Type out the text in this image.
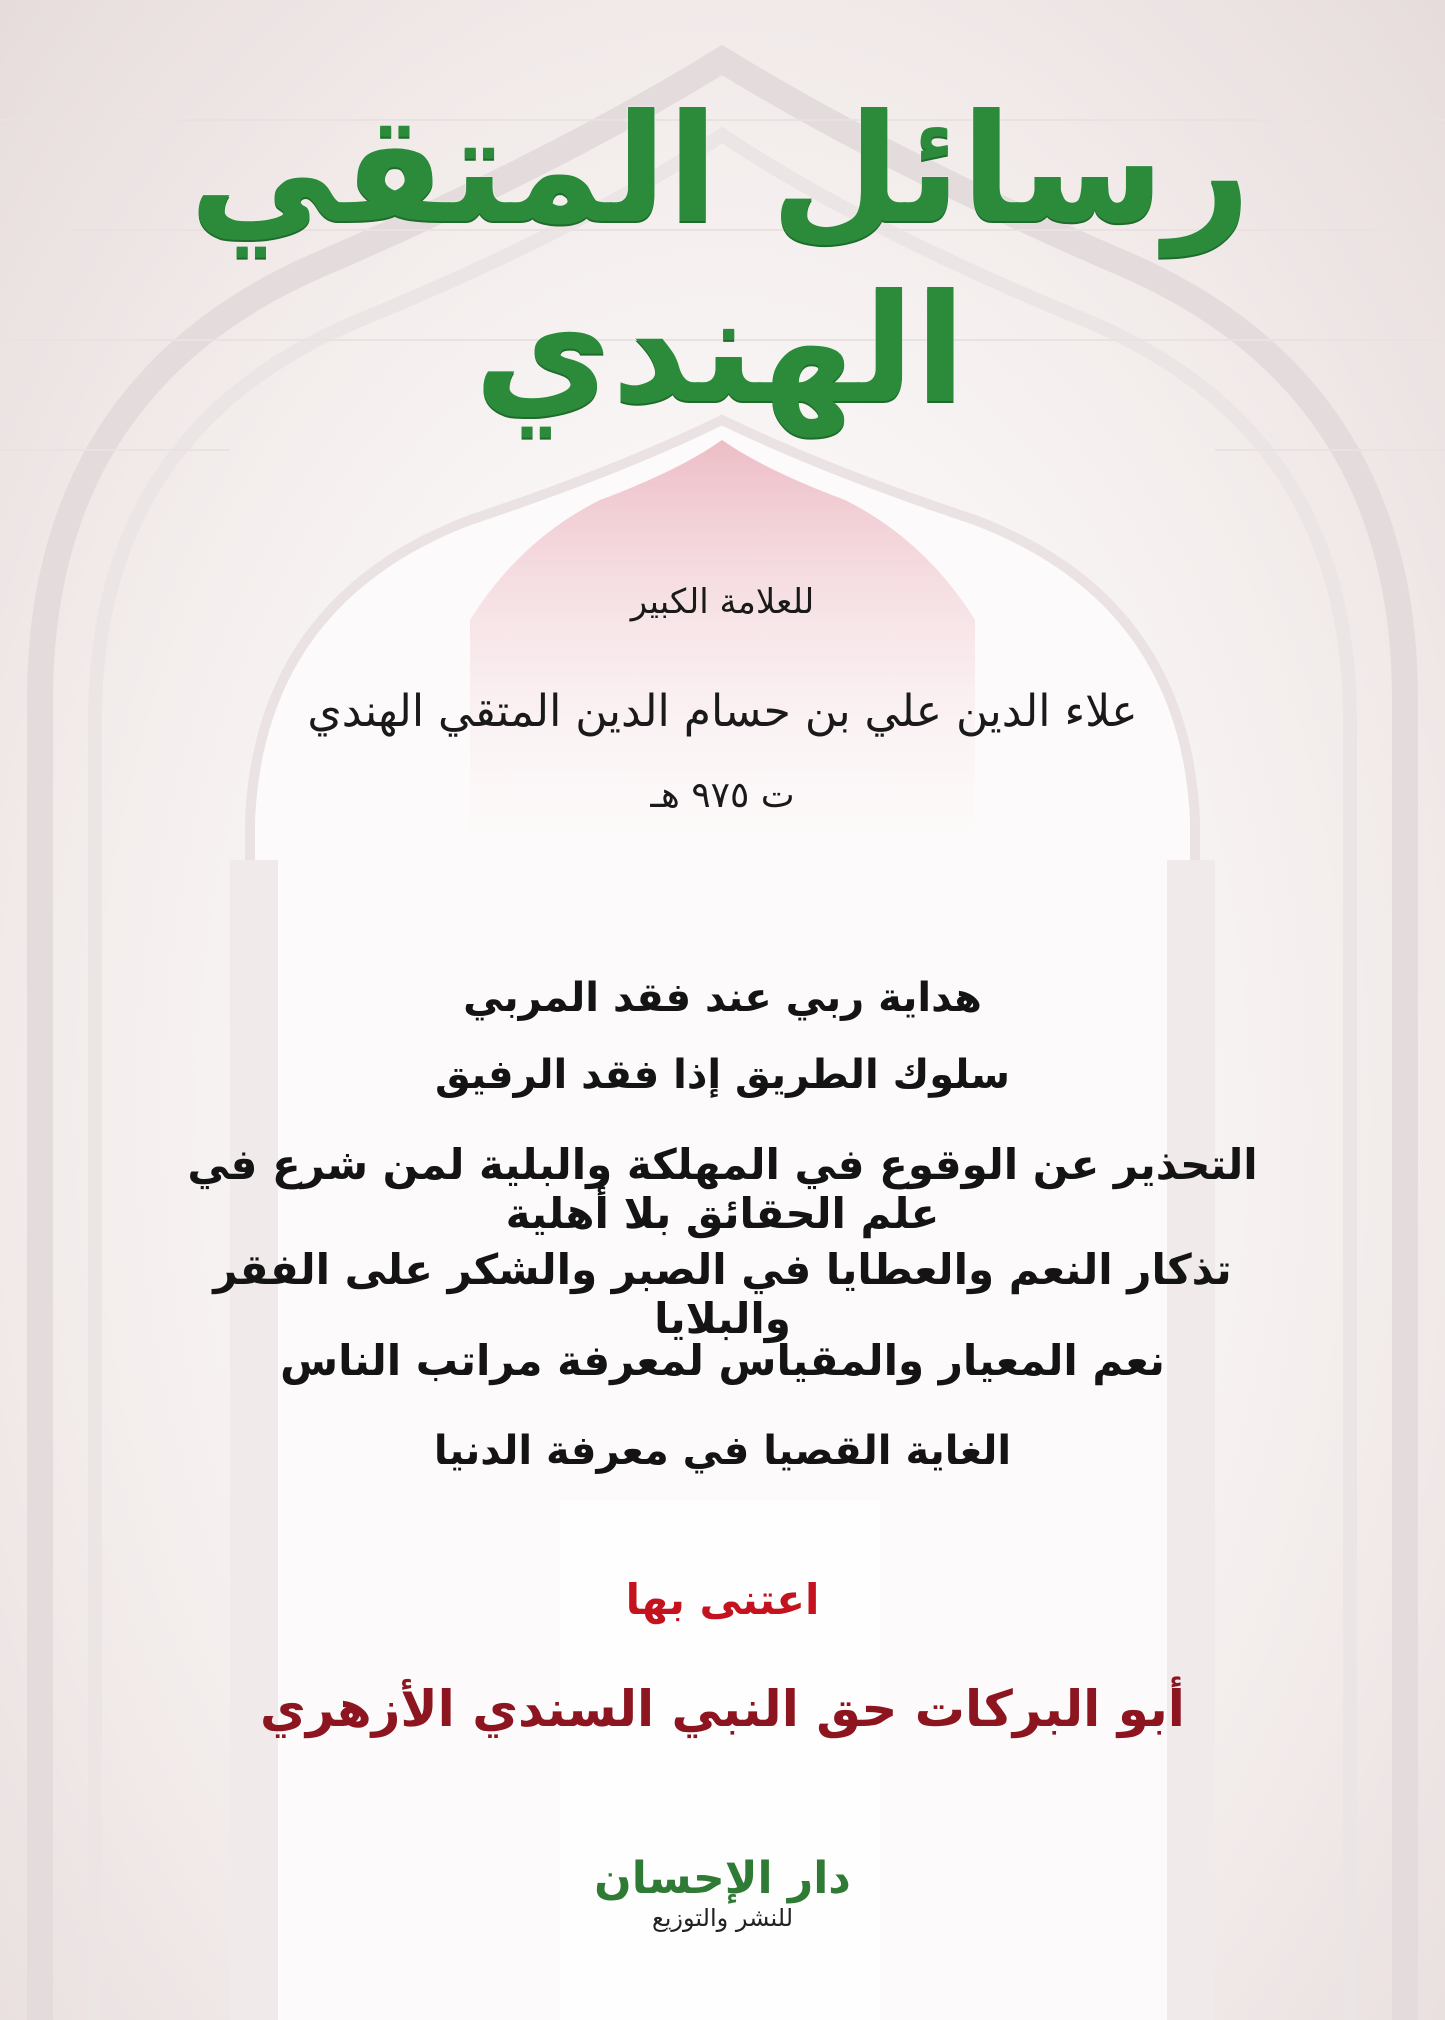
رسائل المتقي الهندي
للعلامة الكبير
علاء الدين علي بن حسام الدين المتقي الهندي
ت ٩٧٥ هـ
هداية ربي عند فقد المربي
سلوك الطريق إذا فقد الرفيق
التحذير عن الوقوع في المهلكة والبلية لمن شرع في علم الحقائق بلا أهلية
تذكار النعم والعطايا في الصبر والشكر على الفقر والبلايا
نعم المعيار والمقياس لمعرفة مراتب الناس
الغاية القصيا في معرفة الدنيا
اعتنى بها
أبو البركات حق النبي السندي الأزهري
دار الإحسان
للنشر والتوزيع
